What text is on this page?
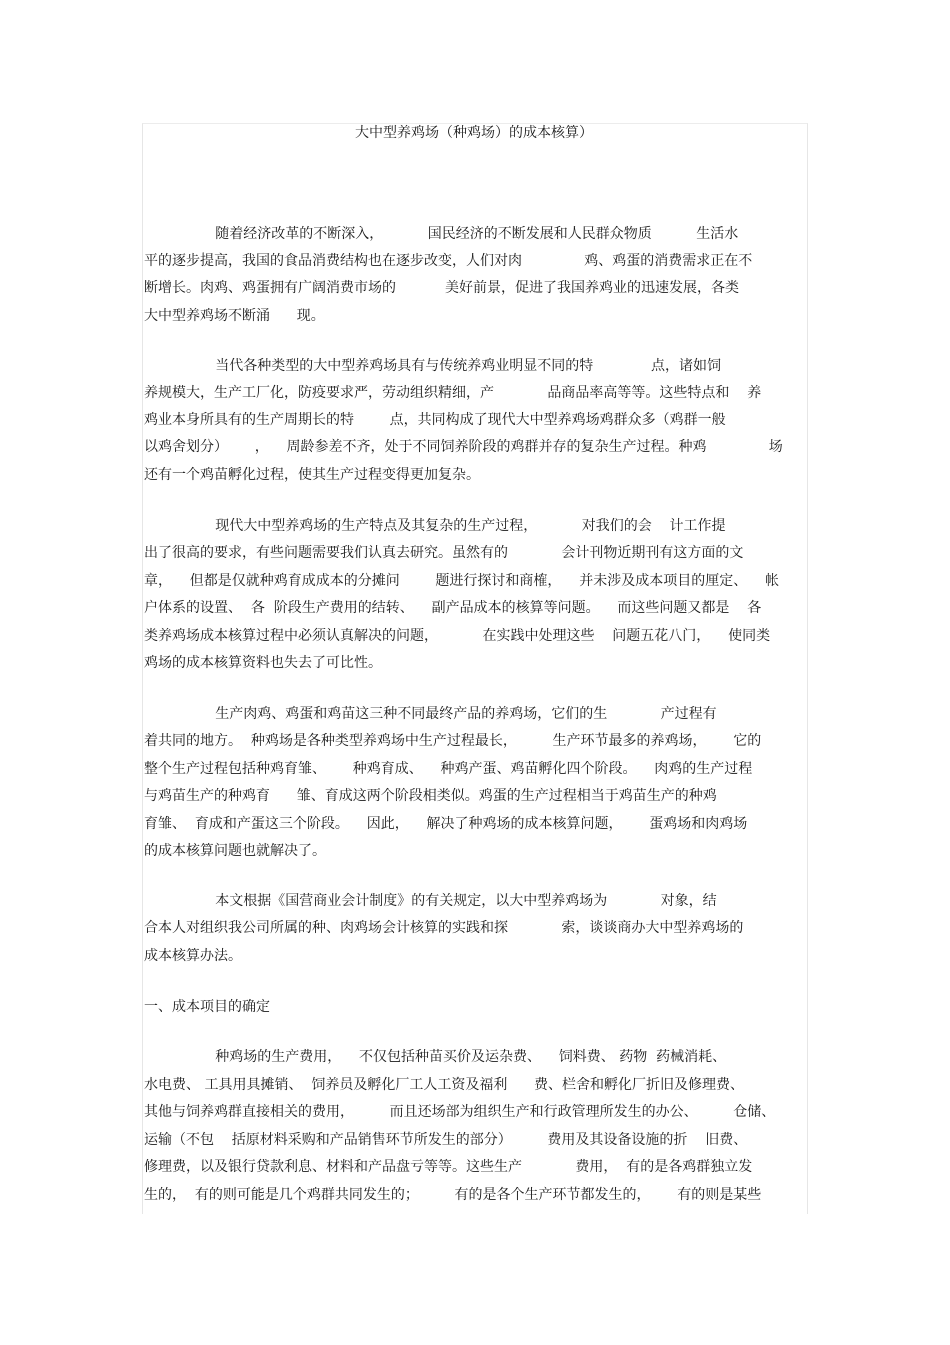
大中型养鸡场（种鸡场）的成本核算）
随着经济改革的不断深入，          国民经济的不断发展和人民群众物质          生活水
平的逐步提高，我国的食品消费结构也在逐步改变，人们对肉              鸡、鸡蛋的消费需求正在不
断增长。肉鸡、鸡蛋拥有广阔消费市场的           美好前景，促进了我国养鸡业的迅速发展，各类
大中型养鸡场不断涌      现。
当代各种类型的大中型养鸡场具有与传统养鸡业明显不同的特             点，诸如饲
养规模大，生产工厂化，防疫要求严，劳动组织精细，产            品商品率高等等。这些特点和    养
鸡业本身所具有的生产周期长的特        点，共同构成了现代大中型养鸡场鸡群众多（鸡群一般
以鸡舍划分）      ，    周龄参差不齐，处于不同饲养阶段的鸡群并存的复杂生产过程。种鸡              场
还有一个鸡苗孵化过程，使其生产过程变得更加复杂。
现代大中型养鸡场的生产特点及其复杂的生产过程，          对我们的会    计工作提
出了很高的要求，有些问题需要我们认真去研究。虽然有的            会计刊物近期刊有这方面的文
章，    但都是仅就种鸡育成成本的分摊问        题进行探讨和商榷，    并未涉及成本项目的厘定、    帐
户体系的设置、  各  阶段生产费用的结转、    副产品成本的核算等问题。    而这些问题又都是    各
类养鸡场成本核算过程中必须认真解决的问题，          在实践中处理这些    问题五花八门，    使同类
鸡场的成本核算资料也失去了可比性。
生产肉鸡、鸡蛋和鸡苗这三种不同最终产品的养鸡场，它们的生            产过程有
着共同的地方。  种鸡场是各种类型养鸡场中生产过程最长，        生产环节最多的养鸡场，      它的
整个生产过程包括种鸡育雏、      种鸡育成、    种鸡产蛋、鸡苗孵化四个阶段。    肉鸡的生产过程
与鸡苗生产的种鸡育      雏、育成这两个阶段相类似。鸡蛋的生产过程相当于鸡苗生产的种鸡
育雏、  育成和产蛋这三个阶段。    因此，    解决了种鸡场的成本核算问题，      蛋鸡场和肉鸡场
的成本核算问题也就解决了。
本文根据《国营商业会计制度》的有关规定，以大中型养鸡场为            对象，结
合本人对组织我公司所属的种、肉鸡场会计核算的实践和探            索，谈谈商办大中型养鸡场的
成本核算办法。
一、成本项目的确定
种鸡场的生产费用，    不仅包括种苗买价及运杂费、    饲料费、 药物  药械消耗、
水电费、 工具用具摊销、  饲养员及孵化厂工人工资及福利      费、栏舍和孵化厂折旧及修理费、
其他与饲养鸡群直接相关的费用，        而且还场部为组织生产和行政管理所发生的办公、        仓储、
运输（不包    括原材料采购和产品销售环节所发生的部分）        费用及其设备设施的折    旧费、
修理费，以及银行贷款利息、材料和产品盘亏等等。这些生产            费用，  有的是各鸡群独立发
生的，  有的则可能是几个鸡群共同发生的；        有的是各个生产环节都发生的，      有的则是某些
